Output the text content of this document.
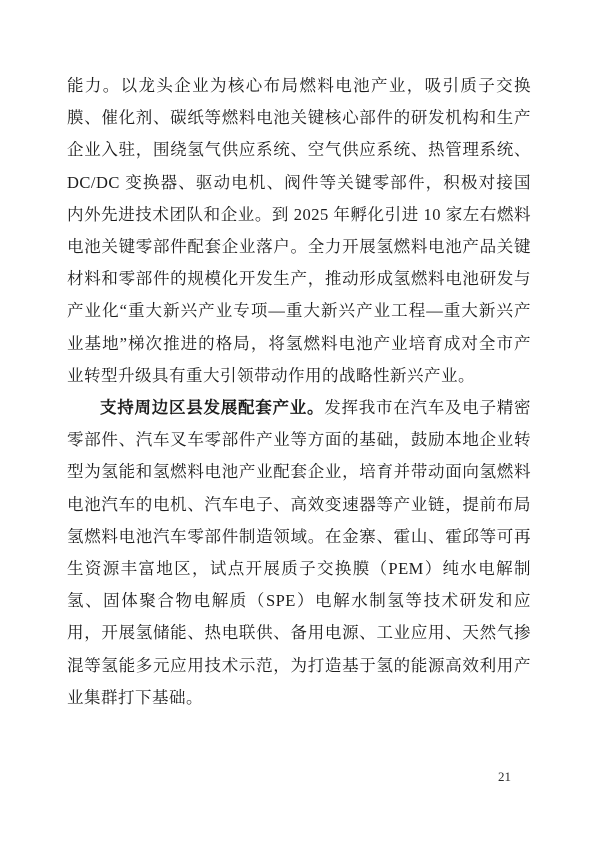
能力。以龙头企业为核心布局燃料电池产业，吸引质子交换膜、催化剂、碳纸等燃料电池关键核心部件的研发机构和生产企业入驻，围绕氢气供应系统、空气供应系统、热管理系统、DC/DC 变换器、驱动电机、阀件等关键零部件，积极对接国内外先进技术团队和企业。到 2025 年孵化引进 10 家左右燃料电池关键零部件配套企业落户。全力开展氢燃料电池产品关键材料和零部件的规模化开发生产，推动形成氢燃料电池研发与产业化“重大新兴产业专项—重大新兴产业工程—重大新兴产业基地”梯次推进的格局，将氢燃料电池产业培育成对全市产业转型升级具有重大引领带动作用的战略性新兴产业。

支持周边区县发展配套产业。发挥我市在汽车及电子精密零部件、汽车叉车零部件产业等方面的基础，鼓励本地企业转型为氢能和氢燃料电池产业配套企业，培育并带动面向氢燃料电池汽车的电机、汽车电子、高效变速器等产业链，提前布局氢燃料电池汽车零部件制造领域。在金寨、霍山、霍邱等可再生资源丰富地区，试点开展质子交换膜（PEM）纯水电解制氢、固体聚合物电解质（SPE）电解水制氢等技术研发和应用，开展氢储能、热电联供、备用电源、工业应用、天然气掺混等氢能多元应用技术示范，为打造基于氢的能源高效利用产业集群打下基础。

21
